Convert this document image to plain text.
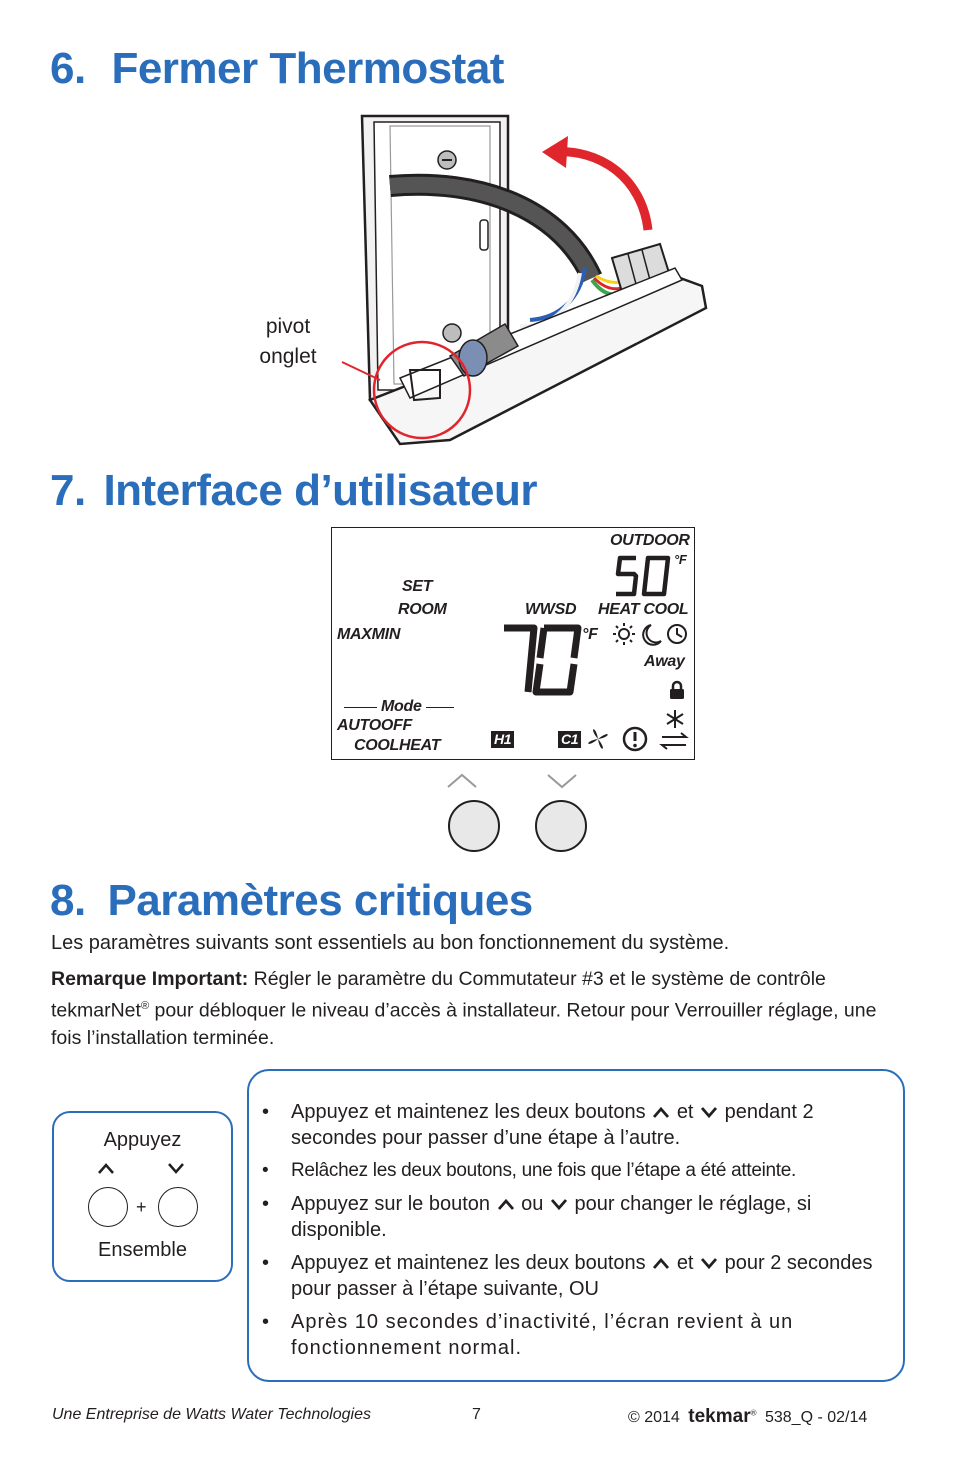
6. Fermer Thermostat
pivot
onglet
7. Interface d’utilisateur
OUTDOOR
°F
SET
ROOM	WWSD HEAT COOL
MAXMIN	°F
Away
Mode
AUTOOFF
COOLHEAT	H1	C1
8. Paramètres critiques
Les paramètres suivants sont essentiels au bon fonctionnement du système.
Remarque Important: Régler le paramètre du Commutateur #3 et le système de contrôle tekmarNet® pour débloquer le niveau d’accès à installateur. Retour pour Verrouiller réglage, une fois l’installation terminée.
Appuyez
+
Ensemble
• Appuyez et maintenez les deux boutons et pendant 2 secondes pour passer d’une étape à l’autre.
• Relâchez les deux boutons, une fois que l’étape a été atteinte.
• Appuyez sur le bouton ou pour changer le réglage, si disponible.
• Appuyez et maintenez les deux boutons et pour 2 secondes pour passer à l’étape suivante, OU
• Après 10 secondes d’inactivité, l’écran revient à un fonctionnement normal.
Une Entreprise de Watts Water Technologies	7	© 2014 tekmar® 538_Q - 02/14
